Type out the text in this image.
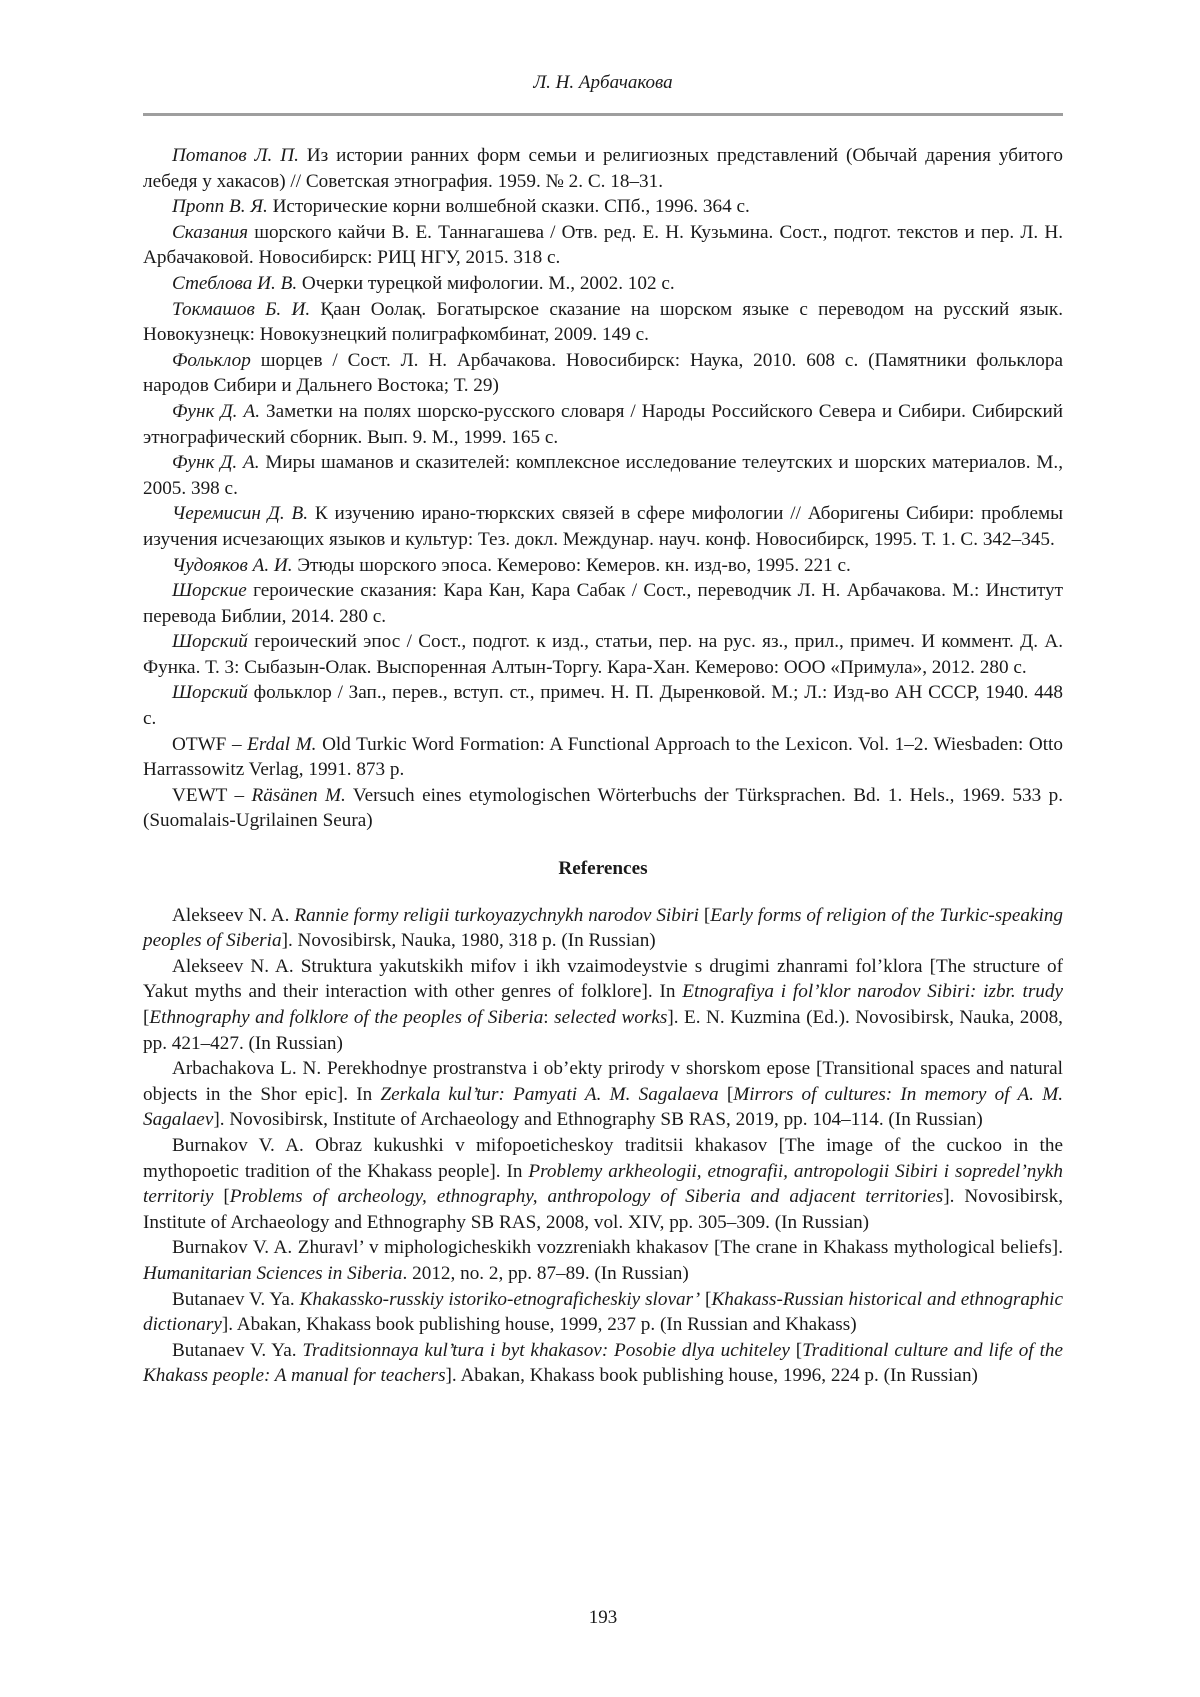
Л. Н. Арбачакова

Потапов Л. П. Из истории ранних форм семьи и религиозных представлений (Обычай дарения убитого лебедя у хакасов) // Советская этнография. 1959. № 2. С. 18–31.

Пропп В. Я. Исторические корни волшебной сказки. СПб., 1996. 364 с.

Сказания шорского кайчи В. Е. Таннагашева / Отв. ред. Е. Н. Кузьмина. Сост., подгот. текстов и пер. Л. Н. Арбачаковой. Новосибирск: РИЦ НГУ, 2015. 318 с.

Стеблова И. В. Очерки турецкой мифологии. М., 2002. 102 с.

Токмашов Б. И. Қаан Оолақ. Богатырское сказание на шорском языке с переводом на русский язык. Новокузнецк: Новокузнецкий полиграфкомбинат, 2009. 149 с.

Фольклор шорцев / Сост. Л. Н. Арбачакова. Новосибирск: Наука, 2010. 608 с. (Памятники фольклора народов Сибири и Дальнего Востока; Т. 29)

Функ Д. А. Заметки на полях шорско-русского словаря / Народы Российского Севера и Сибири. Сибирский этнографический сборник. Вып. 9. М., 1999. 165 с.

Функ Д. А. Миры шаманов и сказителей: комплексное исследование телеутских и шорских материалов. М., 2005. 398 с.

Черемисин Д. В. К изучению ирано-тюркских связей в сфере мифологии // Аборигены Сибири: проблемы изучения исчезающих языков и культур: Тез. докл. Междунар. науч. конф. Новосибирск, 1995. Т. 1. С. 342–345.

Чудояков А. И. Этюды шорского эпоса. Кемерово: Кемеров. кн. изд-во, 1995. 221 с.

Шорские героические сказания: Кара Кан, Кара Сабак / Сост., переводчик Л. Н. Арбачакова. М.: Институт перевода Библии, 2014. 280 с.

Шорский героический эпос / Сост., подгот. к изд., статьи, пер. на рус. яз., прил., примеч. И коммент. Д. А. Функа. Т. 3: Сыбазын-Олак. Выспоренная Алтын-Торгу. Кара-Хан. Кемерово: ООО «Примула», 2012. 280 с.

Шорский фольклор / Зап., перев., вступ. ст., примеч. Н. П. Дыренковой. М.; Л.: Изд-во АН СССР, 1940. 448 с.

OTWF – Erdal M. Old Turkic Word Formation: A Functional Approach to the Lexicon. Vol. 1–2. Wiesbaden: Otto Harrassowitz Verlag, 1991. 873 p.

VEWT – Räsänen M. Versuch eines etymologischen Wörterbuchs der Türksprachen. Bd. 1. Hels., 1969. 533 p. (Suomalais-Ugrilainen Seura)

References

Alekseev N. A. Rannie formy religii turkoyazychnykh narodov Sibiri [Early forms of religion of the Turkic-speaking peoples of Siberia]. Novosibirsk, Nauka, 1980, 318 p. (In Russian)

Alekseev N. A. Struktura yakutskikh mifov i ikh vzaimodeystvie s drugimi zhanrami fol’klora [The structure of Yakut myths and their interaction with other genres of folklore]. In Etnografiya i fol’klor narodov Sibiri: izbr. trudy [Ethnography and folklore of the peoples of Siberia: selected works]. E. N. Kuzmina (Ed.). Novosibirsk, Nauka, 2008, pp. 421–427. (In Russian)

Arbachakova L. N. Perekhodnye prostranstva i ob’ekty prirody v shorskom epose [Transitional spaces and natural objects in the Shor epic]. In Zerkala kul’tur: Pamyati A. M. Sagalaeva [Mirrors of cultures: In memory of A. M. Sagalaev]. Novosibirsk, Institute of Archaeology and Ethnography SB RAS, 2019, pp. 104–114. (In Russian)

Burnakov V. A. Obraz kukushki v mifopoeticheskoy traditsii khakasov [The image of the cuckoo in the mythopoetic tradition of the Khakass people]. In Problemy arkheologii, etnografii, antropologii Sibiri i sopredel’nykh territoriy [Problems of archeology, ethnography, anthropology of Siberia and adjacent territories]. Novosibirsk, Institute of Archaeology and Ethnography SB RAS, 2008, vol. XIV, pp. 305–309. (In Russian)

Burnakov V. A. Zhuravl’ v miphologicheskikh vozzreniakh khakasov [The crane in Khakass mythological beliefs]. Humanitarian Sciences in Siberia. 2012, no. 2, pp. 87–89. (In Russian)

Butanaev V. Ya. Khakassko-russkiy istoriko-etnograficheskiy slovar’ [Khakass-Russian historical and ethnographic dictionary]. Abakan, Khakass book publishing house, 1999, 237 p. (In Russian and Khakass)

Butanaev V. Ya. Traditsionnaya kul’tura i byt khakasov: Posobie dlya uchiteley [Traditional culture and life of the Khakass people: A manual for teachers]. Abakan, Khakass book publishing house, 1996, 224 p. (In Russian)

193
